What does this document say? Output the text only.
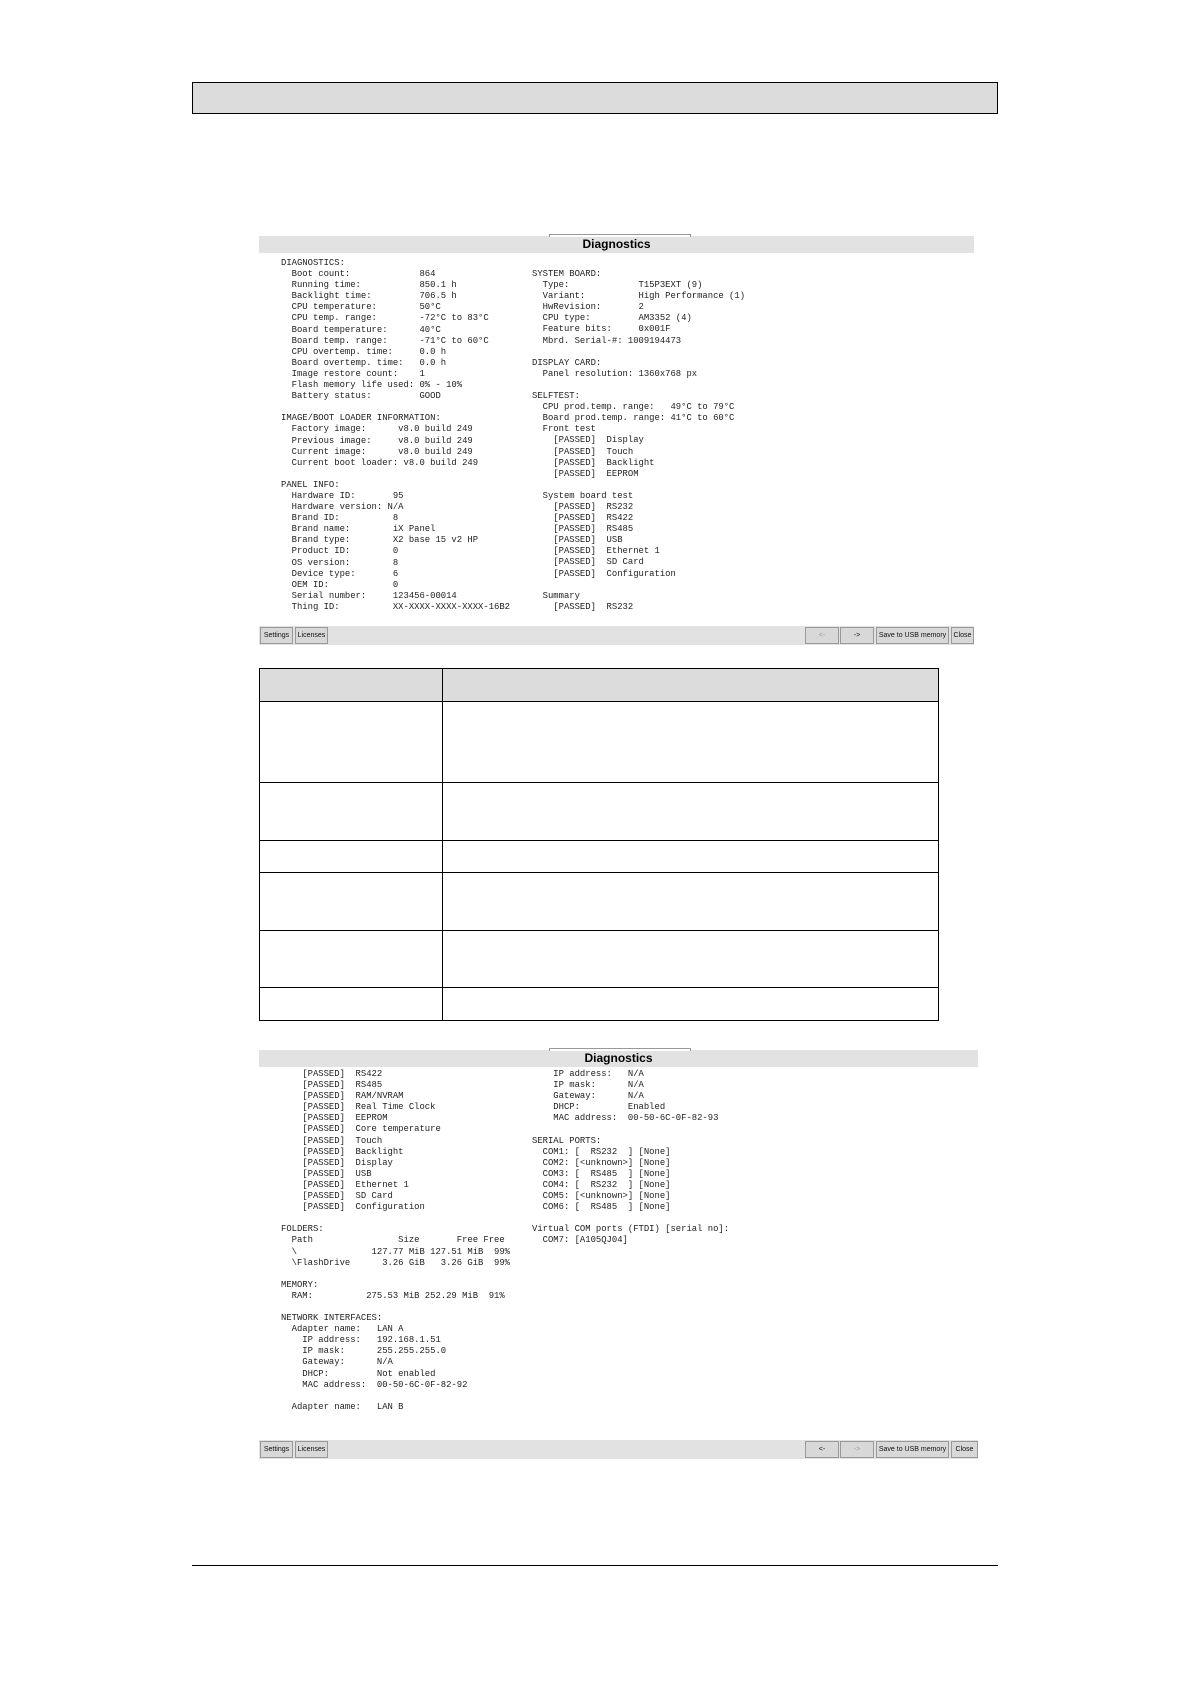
Diagnostics
DIAGNOSTICS:
Boot count:             864
Running time:           850.1 h
Backlight time:         706.5 h
CPU temperature:        50°C
CPU temp. range:        -72°C to 83°C
Board temperature:      40°C
Board temp. range:      -71°C to 60°C
CPU overtemp. time:     0.0 h
Board overtemp. time:   0.0 h
Image restore count:    1
Flash memory life used: 0% - 10%
Battery status:         GOOD

IMAGE/BOOT LOADER INFORMATION:
Factory image:      v8.0 build 249
Previous image:     v8.0 build 249
Current image:      v8.0 build 249
Current boot loader: v8.0 build 249

PANEL INFO:
Hardware ID:       95
Hardware version: N/A
Brand ID:          8
Brand name:        iX Panel
Brand type:        X2 base 15 v2 HP
Product ID:        0
OS version:        8
Device type:       6
OEM ID:            0
Serial number:     123456-00014
Thing ID:          XX-XXXX-XXXX-XXXX-16B2
SYSTEM BOARD:
Type:             T15P3EXT (9)
Variant:          High Performance (1)
HwRevision:       2
CPU type:         AM3352 (4)
Feature bits:     0x001F
Mbrd. Serial-#: 1009194473

DISPLAY CARD:
Panel resolution: 1360x768 px

SELFTEST:
CPU prod.temp. range:   49°C to 79°C
Board prod.temp. range: 41°C to 60°C
Front test
[PASSED]  Display
[PASSED]  Touch
[PASSED]  Backlight
[PASSED]  EEPROM

System board test
[PASSED]  RS232
[PASSED]  RS422
[PASSED]  RS485
[PASSED]  USB
[PASSED]  Ethernet 1
[PASSED]  SD Card
[PASSED]  Configuration

Summary
[PASSED]  RS232
Settings	Licenses	<-	->	Save to USB memory	Close

Diagnostics
[PASSED]  RS422
[PASSED]  RS485
[PASSED]  RAM/NVRAM
[PASSED]  Real Time Clock
[PASSED]  EEPROM
[PASSED]  Core temperature
[PASSED]  Touch
[PASSED]  Backlight
[PASSED]  Display
[PASSED]  USB
[PASSED]  Ethernet 1
[PASSED]  SD Card
[PASSED]  Configuration

FOLDERS:
Path                Size       Free Free
\              127.77 MiB 127.51 MiB  99%
\FlashDrive      3.26 GiB   3.26 GiB  99%

MEMORY:
RAM:          275.53 MiB 252.29 MiB  91%

NETWORK INTERFACES:
Adapter name:   LAN A
IP address:   192.168.1.51
IP mask:      255.255.255.0
Gateway:      N/A
DHCP:         Not enabled
MAC address:  00-50-6C-0F-82-92

Adapter name:   LAN B
IP address:   N/A
IP mask:      N/A
Gateway:      N/A
DHCP:         Enabled
MAC address:  00-50-6C-0F-82-93

SERIAL PORTS:
COM1: [  RS232  ] [None]
COM2: [<unknown>] [None]
COM3: [  RS485  ] [None]
COM4: [  RS232  ] [None]
COM5: [<unknown>] [None]
COM6: [  RS485  ] [None]

Virtual COM ports (FTDI) [serial no]:
COM7: [A105QJ04]
Settings	Licenses	<-	->	Save to USB memory	Close
